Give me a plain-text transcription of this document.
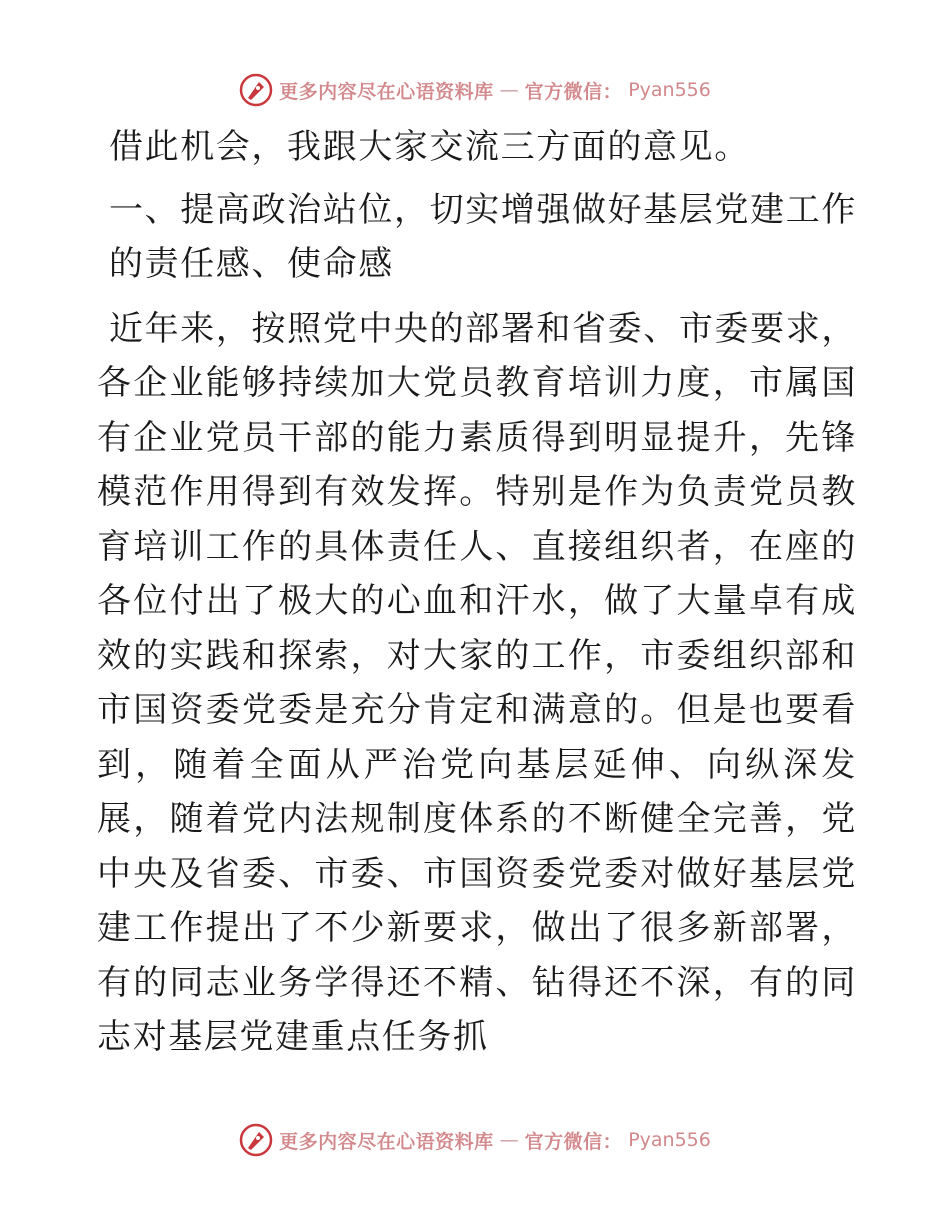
更多内容尽在心语资料库 — 官方微信： Pyan556

借此机会，我跟大家交流三方面的意见。

一、提高政治站位，切实增强做好基层党建工作的责任感、使命感

近年来，按照党中央的部署和省委、市委要求，各企业能够持续加大党员教育培训力度，市属国有企业党员干部的能力素质得到明显提升，先锋模范作用得到有效发挥。特别是作为负责党员教育培训工作的具体责任人、直接组织者，在座的各位付出了极大的心血和汗水，做了大量卓有成效的实践和探索，对大家的工作，市委组织部和市国资委党委是充分肯定和满意的。但是也要看到，随着全面从严治党向基层延伸、向纵深发展，随着党内法规制度体系的不断健全完善，党中央及省委、市委、市国资委党委对做好基层党建工作提出了不少新要求，做出了很多新部署，有的同志业务学得还不精、钻得还不深，有的同志对基层党建重点任务抓

更多内容尽在心语资料库 — 官方微信： Pyan556
